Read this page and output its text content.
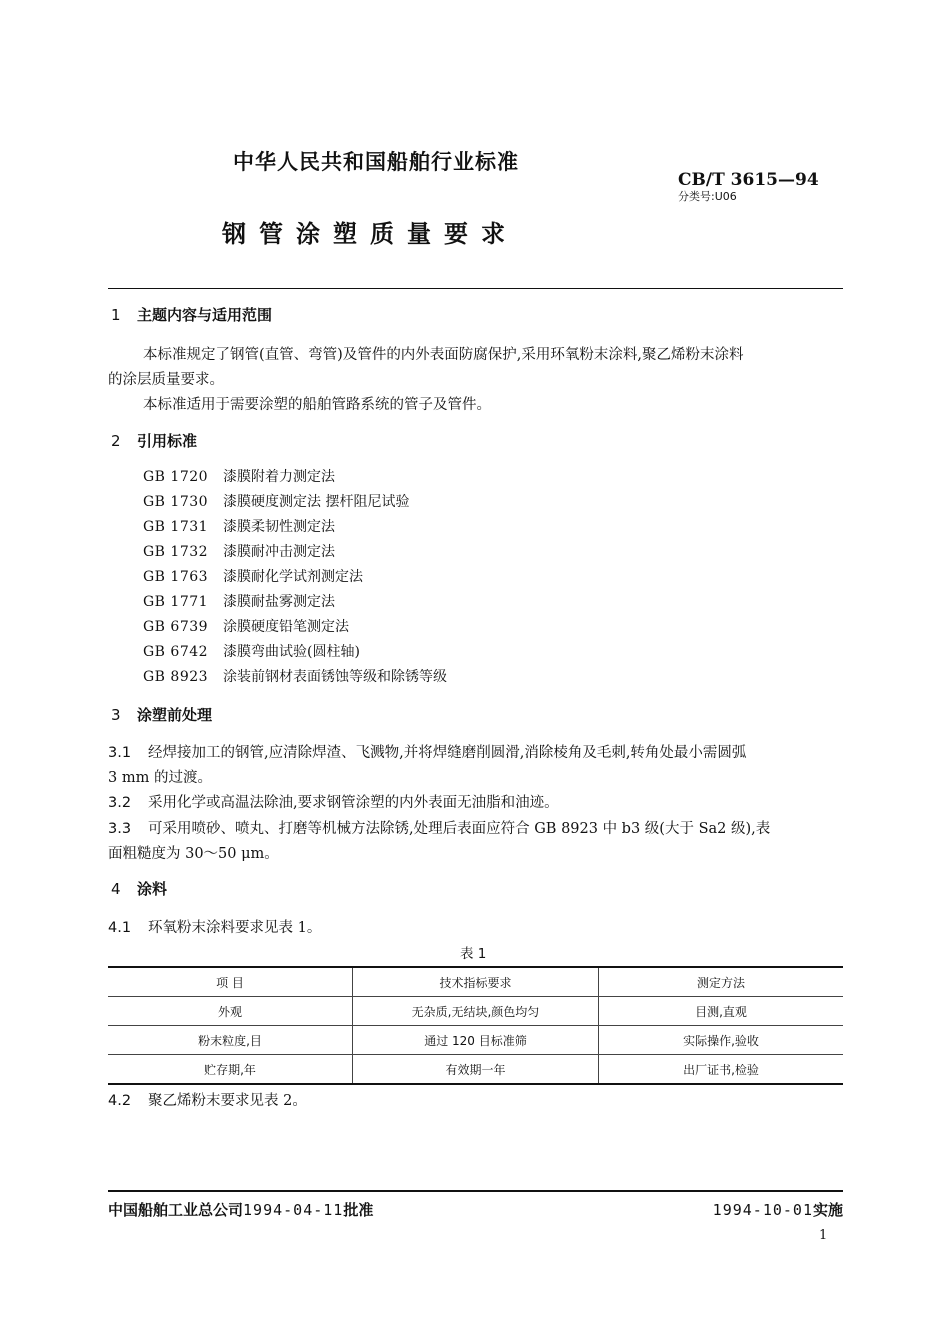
中华人民共和国船舶行业标准
CB/T 3615—94
分类号:U06
钢管涂塑质量要求
1 主题内容与适用范围
本标准规定了钢管(直管、弯管)及管件的内外表面防腐保护,采用环氧粉末涂料,聚乙烯粉末涂料
的涂层质量要求。
本标准适用于需要涂塑的船舶管路系统的管子及管件。
2 引用标准
GB 1720 漆膜附着力测定法
GB 1730 漆膜硬度测定法 摆杆阻尼试验
GB 1731 漆膜柔韧性测定法
GB 1732 漆膜耐冲击测定法
GB 1763 漆膜耐化学试剂测定法
GB 1771 漆膜耐盐雾测定法
GB 6739 涂膜硬度铅笔测定法
GB 6742 漆膜弯曲试验(圆柱轴)
GB 8923 涂装前钢材表面锈蚀等级和除锈等级
3 涂塑前处理
3.1 经焊接加工的钢管,应清除焊渣、飞溅物,并将焊缝磨削圆滑,消除棱角及毛刺,转角处最小需圆弧
3 mm 的过渡。
3.2 采用化学或高温法除油,要求钢管涂塑的内外表面无油脂和油迹。
3.3 可采用喷砂、喷丸、打磨等机械方法除锈,处理后表面应符合 GB 8923 中 b3 级(大于 Sa2 级),表
面粗糙度为 30～50 μm。
4 涂料
4.1 环氧粉末涂料要求见表 1。
表 1
项 目	技术指标要求	测定方法
外观	无杂质,无结块,颜色均匀	目测,直观
粉末粒度,目	通过 120 目标准筛	实际操作,验收
贮存期,年	有效期一年	出厂证书,检验
4.2 聚乙烯粉末要求见表 2。
中国船舶工业总公司1994-04-11批准	1994-10-01实施
1
